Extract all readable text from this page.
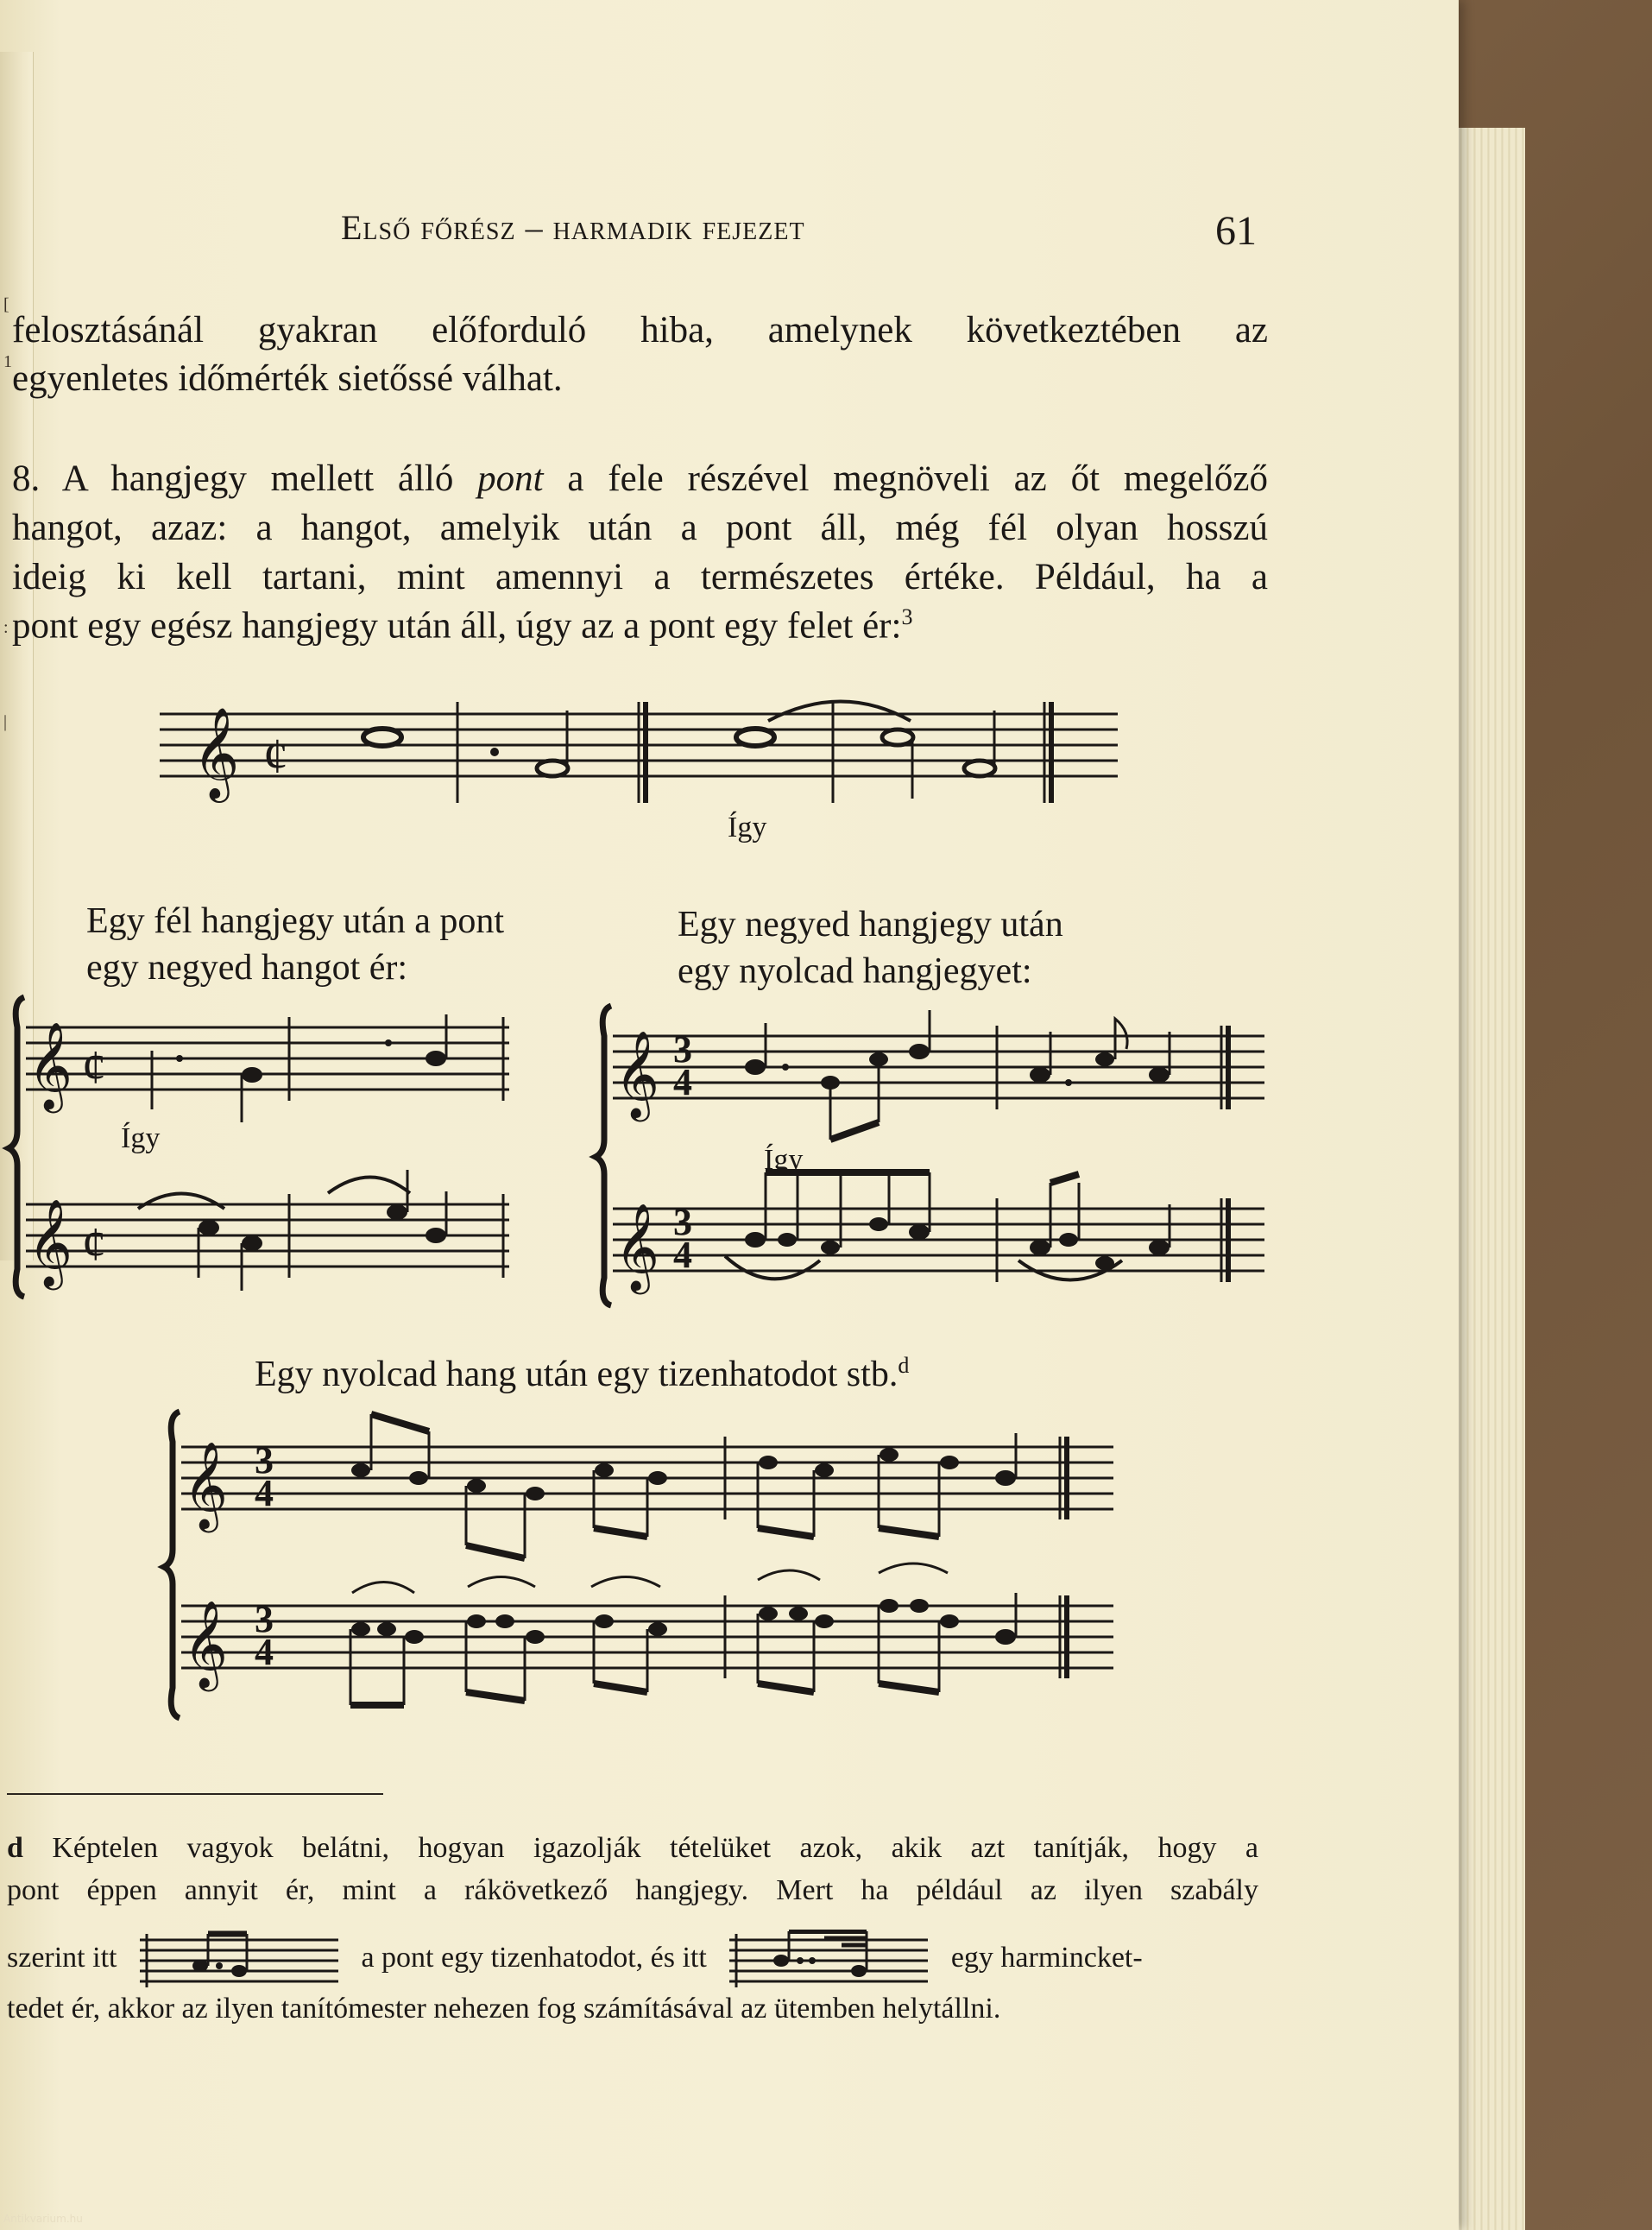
[
1
:
|
Első főrész – harmadik fejezet	61
felosztásánál gyakran előforduló hiba, amelynek következtében az
egyenletes időmérték sietőssé válhat.
8. A hangjegy mellett álló pont a fele részével megnöveli az őt megelőző
hangot, azaz: a hangot, amelyik után a pont áll, még fél olyan hosszú
ideig ki kell tartani, mint amennyi a természetes értéke. Például, ha a
pont egy egész hangjegy után áll, úgy az a pont egy felet ér:$^3$
𝄞 ¢
Így
Egy fél hangjegy után a pont
egy negyed hangot ér:
Egy negyed hangjegy után
egy nyolcad hangjegyet:
𝄞 ¢
𝄞 ¢
Így
𝄞 3
4
𝄞 3
4
Így
Egy nyolcad hang után egy tizenhatodot stb.$^d$
𝄞 3
4
𝄞 3
4
d Képtelen vagyok belátni, hogyan igazolják tételüket azok, akik azt tanítják, hogy a
pont éppen annyit ér, mint a rákövetkező hangjegy. Mert ha például az ilyen szabály
szerint itt	a pont egy tizenhatodot, és itt	egy harmincket-
tedet ér, akkor az ilyen tanítómester nehezen fog számításával az ütemben helytállni.
Antikvarium.hu
